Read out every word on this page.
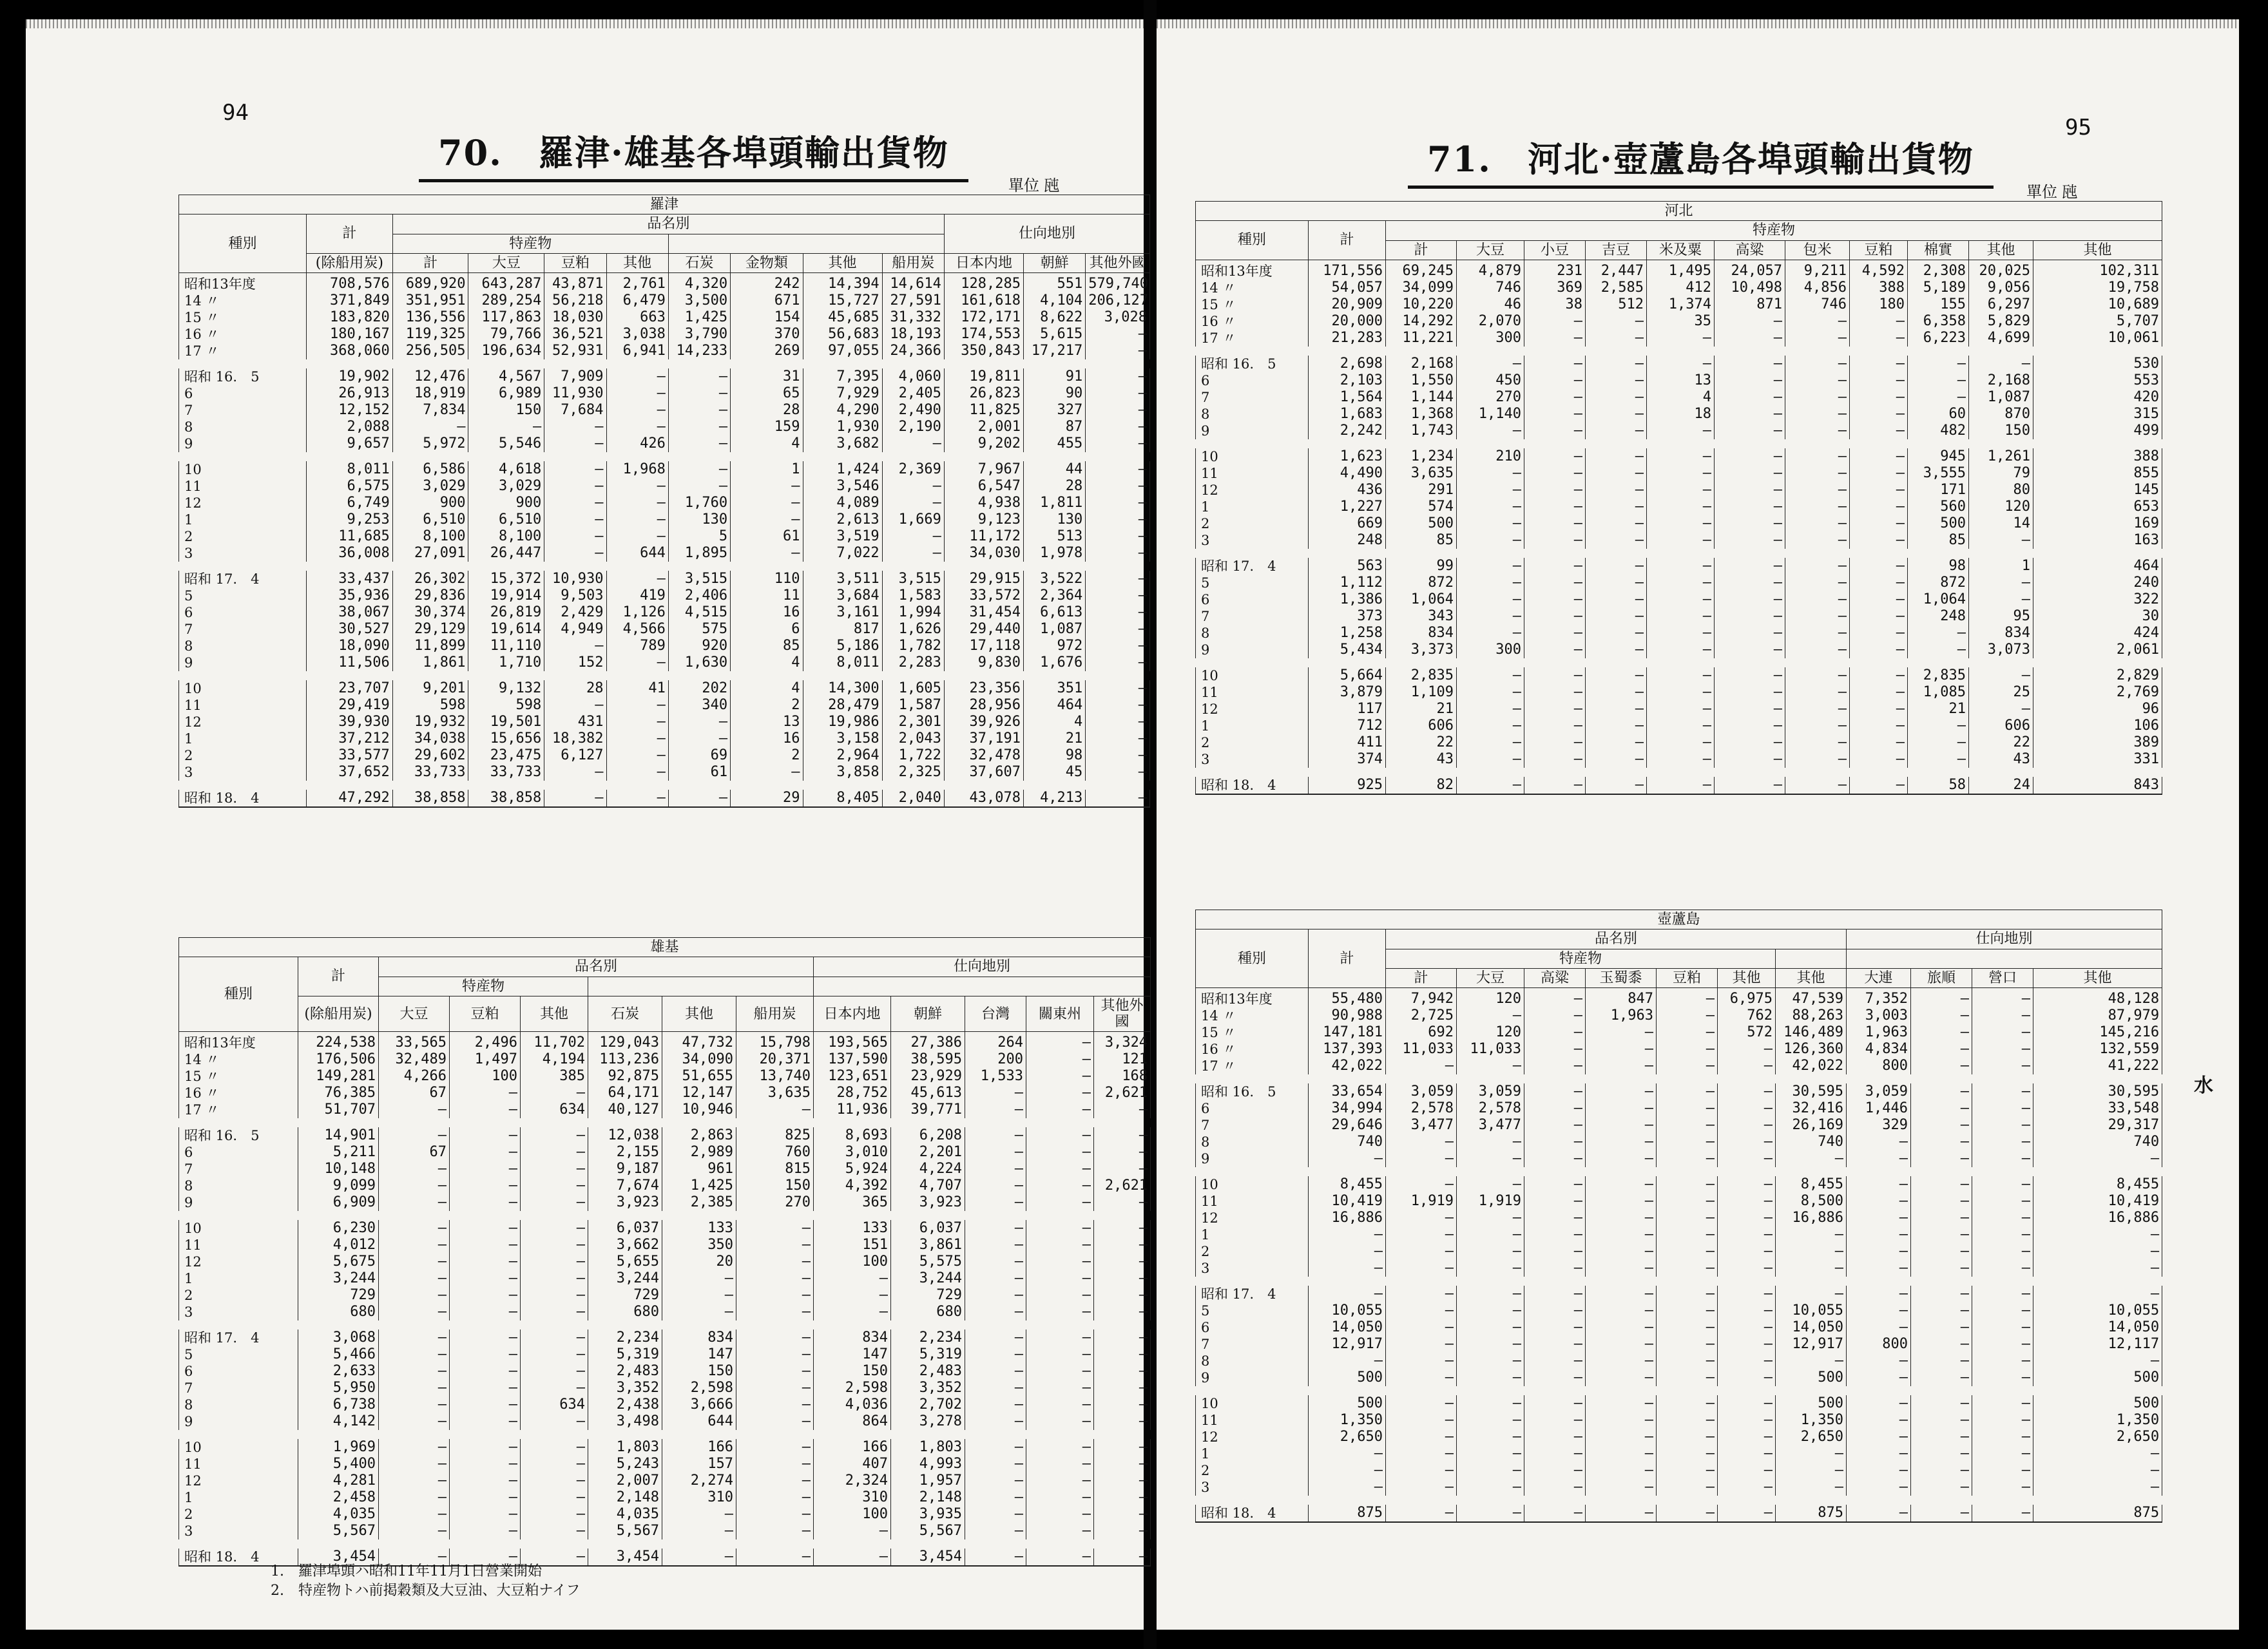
94
70.　羅津·雄基各埠頭輸出貨物
單位 瓲
羅津												
種別	計	品名別								仕向地別		
		特産物										
	(除船用炭)	計	大豆	豆粕	其他	石炭	金物類	其他	船用炭	日本内地	朝鮮	其他外國
昭和13年度	708,576	689,920	643,287	43,871	2,761	4,320	242	14,394	14,614	128,285	551	579,740
14 〃	371,849	351,951	289,254	56,218	6,479	3,500	671	15,727	27,591	161,618	4,104	206,127
15 〃	183,820	136,556	117,863	18,030	663	1,425	154	45,685	31,332	172,171	8,622	3,028
16 〃	180,167	119,325	79,766	36,521	3,038	3,790	370	56,683	18,193	174,553	5,615	—
17 〃	368,060	256,505	196,634	52,931	6,941	14,233	269	97,055	24,366	350,843	17,217	—
昭和 16.　5	19,902	12,476	4,567	7,909	—	—	31	7,395	4,060	19,811	91	—
6	26,913	18,919	6,989	11,930	—	—	65	7,929	2,405	26,823	90	—
7	12,152	7,834	150	7,684	—	—	28	4,290	2,490	11,825	327	—
8	2,088	—	—	—	—	—	159	1,930	2,190	2,001	87	—
9	9,657	5,972	5,546	—	426	—	4	3,682	—	9,202	455	—
10	8,011	6,586	4,618	—	1,968	—	1	1,424	2,369	7,967	44	—
11	6,575	3,029	3,029	—	—	—	—	3,546	—	6,547	28	—
12	6,749	900	900	—	—	1,760	—	4,089	—	4,938	1,811	—
1	9,253	6,510	6,510	—	—	130	—	2,613	1,669	9,123	130	—
2	11,685	8,100	8,100	—	—	5	61	3,519	—	11,172	513	—
3	36,008	27,091	26,447	—	644	1,895	—	7,022	—	34,030	1,978	—
昭和 17.　4	33,437	26,302	15,372	10,930	—	3,515	110	3,511	3,515	29,915	3,522	—
5	35,936	29,836	19,914	9,503	419	2,406	11	3,684	1,583	33,572	2,364	—
6	38,067	30,374	26,819	2,429	1,126	4,515	16	3,161	1,994	31,454	6,613	—
7	30,527	29,129	19,614	4,949	4,566	575	6	817	1,626	29,440	1,087	—
8	18,090	11,899	11,110	—	789	920	85	5,186	1,782	17,118	972	—
9	11,506	1,861	1,710	152	—	1,630	4	8,011	2,283	9,830	1,676	—
10	23,707	9,201	9,132	28	41	202	4	14,300	1,605	23,356	351	—
11	29,419	598	598	—	—	340	2	28,479	1,587	28,956	464	—
12	39,930	19,932	19,501	431	—	—	13	19,986	2,301	39,926	4	—
1	37,212	34,038	15,656	18,382	—	—	16	3,158	2,043	37,191	21	—
2	33,577	29,602	23,475	6,127	—	69	2	2,964	1,722	32,478	98	—
3	37,652	33,733	33,733	—	—	61	—	3,858	2,325	37,607	45	—
昭和 18.　4	47,292	38,858	38,858	—	—	—	29	8,405	2,040	43,078	4,213	—
雄基												
種別	計	品名別						仕向地別				
		特産物										
	(除船用炭)	大豆	豆粕	其他	石炭	其他	船用炭	日本内地	朝鮮	台灣	關東州	其他外國
昭和13年度	224,538	33,565	2,496	11,702	129,043	47,732	15,798	193,565	27,386	264	—	3,324
14 〃	176,506	32,489	1,497	4,194	113,236	34,090	20,371	137,590	38,595	200	—	121
15 〃	149,281	4,266	100	385	92,875	51,655	13,740	123,651	23,929	1,533	—	168
16 〃	76,385	67	—	—	64,171	12,147	3,635	28,752	45,613	—	—	2,621
17 〃	51,707	—	—	634	40,127	10,946	—	11,936	39,771	—	—	—
昭和 16.　5	14,901	—	—	—	12,038	2,863	825	8,693	6,208	—	—	—
6	5,211	67	—	—	2,155	2,989	760	3,010	2,201	—	—	—
7	10,148	—	—	—	9,187	961	815	5,924	4,224	—	—	—
8	9,099	—	—	—	7,674	1,425	150	4,392	4,707	—	—	2,621
9	6,909	—	—	—	3,923	2,385	270	365	3,923	—	—	—
10	6,230	—	—	—	6,037	133	—	133	6,037	—	—	—
11	4,012	—	—	—	3,662	350	—	151	3,861	—	—	—
12	5,675	—	—	—	5,655	20	—	100	5,575	—	—	—
1	3,244	—	—	—	3,244	—	—	—	3,244	—	—	—
2	729	—	—	—	729	—	—	—	729	—	—	—
3	680	—	—	—	680	—	—	—	680	—	—	—
昭和 17.　4	3,068	—	—	—	2,234	834	—	834	2,234	—	—	—
5	5,466	—	—	—	5,319	147	—	147	5,319	—	—	—
6	2,633	—	—	—	2,483	150	—	150	2,483	—	—	—
7	5,950	—	—	—	3,352	2,598	—	2,598	3,352	—	—	—
8	6,738	—	—	634	2,438	3,666	—	4,036	2,702	—	—	—
9	4,142	—	—	—	3,498	644	—	864	3,278	—	—	—
10	1,969	—	—	—	1,803	166	—	166	1,803	—	—	—
11	5,400	—	—	—	5,243	157	—	407	4,993	—	—	—
12	4,281	—	—	—	2,007	2,274	—	2,324	1,957	—	—	—
1	2,458	—	—	—	2,148	310	—	310	2,148	—	—	—
2	4,035	—	—	—	4,035	—	—	100	3,935	—	—	—
3	5,567	—	—	—	5,567	—	—	—	5,567	—	—	—
昭和 18.　4	3,454	—	—	—	3,454	—	—	—	3,454	—	—	—
1.　羅津埠頭ハ昭和11年11月1日營業開始
2.　特産物トハ前掲穀類及大豆油、大豆粕ナイフ
95
71.　河北·壺蘆島各埠頭輸出貨物
單位 瓲
河北												
種別	計	特産物										
		計	大豆	小豆	吉豆	米及粟	高粱	包米	豆粕	棉實	其他	其他
昭和13年度	171,556	69,245	4,879	231	2,447	1,495	24,057	9,211	4,592	2,308	20,025	102,311
14 〃	54,057	34,099	746	369	2,585	412	10,498	4,856	388	5,189	9,056	19,758
15 〃	20,909	10,220	46	38	512	1,374	871	746	180	155	6,297	10,689
16 〃	20,000	14,292	2,070	—	—	35	—	—	—	6,358	5,829	5,707
17 〃	21,283	11,221	300	—	—	—	—	—	—	6,223	4,699	10,061
昭和 16.　5	2,698	2,168	—	—	—	—	—	—	—	—	—	530
6	2,103	1,550	450	—	—	13	—	—	—	—	2,168	553
7	1,564	1,144	270	—	—	4	—	—	—	—	1,087	420
8	1,683	1,368	1,140	—	—	18	—	—	—	60	870	315
9	2,242	1,743	—	—	—	—	—	—	—	482	150	499
10	1,623	1,234	210	—	—	—	—	—	—	945	1,261	388
11	4,490	3,635	—	—	—	—	—	—	—	3,555	79	855
12	436	291	—	—	—	—	—	—	—	171	80	145
1	1,227	574	—	—	—	—	—	—	—	560	120	653
2	669	500	—	—	—	—	—	—	—	500	14	169
3	248	85	—	—	—	—	—	—	—	85	—	163
昭和 17.　4	563	99	—	—	—	—	—	—	—	98	1	464
5	1,112	872	—	—	—	—	—	—	—	872	—	240
6	1,386	1,064	—	—	—	—	—	—	—	1,064	—	322
7	373	343	—	—	—	—	—	—	—	248	95	30
8	1,258	834	—	—	—	—	—	—	—	—	834	424
9	5,434	3,373	300	—	—	—	—	—	—	—	3,073	2,061
10	5,664	2,835	—	—	—	—	—	—	—	2,835	—	2,829
11	3,879	1,109	—	—	—	—	—	—	—	1,085	25	2,769
12	117	21	—	—	—	—	—	—	—	21	—	96
1	712	606	—	—	—	—	—	—	—	—	606	106
2	411	22	—	—	—	—	—	—	—	—	22	389
3	374	43	—	—	—	—	—	—	—	—	43	331
昭和 18.　4	925	82	—	—	—	—	—	—	—	58	24	843
壺蘆島												
種別	計	品名別							仕向地別			
		特産物										
		計	大豆	高粱	玉蜀黍	豆粕	其他	其他	大連	旅順	營口	其他
昭和13年度	55,480	7,942	120	—	847	—	6,975	47,539	7,352	—	—	48,128
14 〃	90,988	2,725	—	—	1,963	—	762	88,263	3,003	—	—	87,979
15 〃	147,181	692	120	—	—	—	572	146,489	1,963	—	—	145,216
16 〃	137,393	11,033	11,033	—	—	—	—	126,360	4,834	—	—	132,559
17 〃	42,022	—	—	—	—	—	—	42,022	800	—	—	41,222
昭和 16.　5	33,654	3,059	3,059	—	—	—	—	30,595	3,059	—	—	30,595
6	34,994	2,578	2,578	—	—	—	—	32,416	1,446	—	—	33,548
7	29,646	3,477	3,477	—	—	—	—	26,169	329	—	—	29,317
8	740	—	—	—	—	—	—	740	—	—	—	740
9	—	—	—	—	—	—	—	—	—	—	—	—
10	8,455	—	—	—	—	—	—	8,455	—	—	—	8,455
11	10,419	1,919	1,919	—	—	—	—	8,500	—	—	—	10,419
12	16,886	—	—	—	—	—	—	16,886	—	—	—	16,886
1	—	—	—	—	—	—	—	—	—	—	—	—
2	—	—	—	—	—	—	—	—	—	—	—	—
3	—	—	—	—	—	—	—	—	—	—	—	—
昭和 17.　4	—	—	—	—	—	—	—	—	—	—	—	—
5	10,055	—	—	—	—	—	—	10,055	—	—	—	10,055
6	14,050	—	—	—	—	—	—	14,050	—	—	—	14,050
7	12,917	—	—	—	—	—	—	12,917	800	—	—	12,117
8	—	—	—	—	—	—	—	—	—	—	—	—
9	500	—	—	—	—	—	—	500	—	—	—	500
10	500	—	—	—	—	—	—	500	—	—	—	500
11	1,350	—	—	—	—	—	—	1,350	—	—	—	1,350
12	2,650	—	—	—	—	—	—	2,650	—	—	—	2,650
1	—	—	—	—	—	—	—	—	—	—	—	—
2	—	—	—	—	—	—	—	—	—	—	—	—
3	—	—	—	—	—	—	—	—	—	—	—	—
昭和 18.　4	875	—	—	—	—	—	—	875	—	—	—	875
水
